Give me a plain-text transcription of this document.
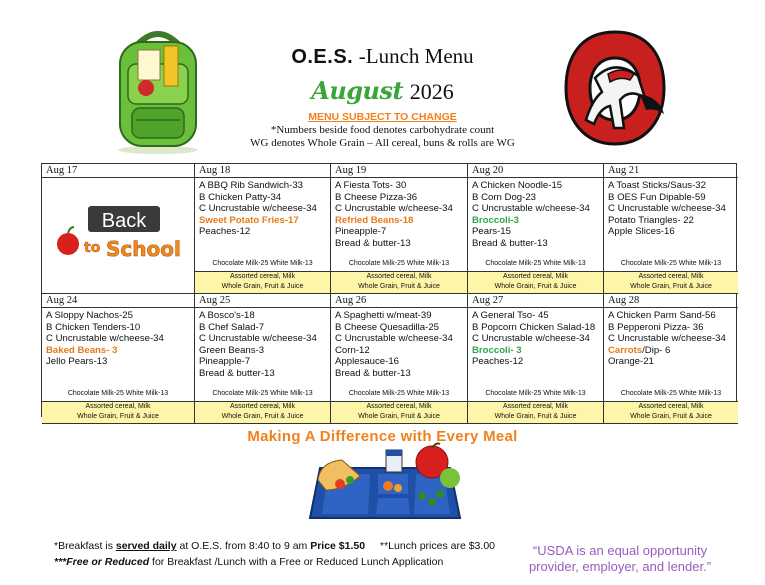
O.E.S. -Lunch Menu
August 2026
MENU SUBJECT TO CHANGE
*Numbers beside food denotes carbohydrate count
WG denotes Whole Grain – All cereal, buns & rolls are WG
Aug 17
Back
to School
Assorted cereal, Milk
Whole Grain, Fruit & Juice
Aug 18
A BBQ Rib Sandwich-33
B Chicken Patty-34
C Uncrustable w/cheese-34
Sweet Potato Fries-17
Peaches-12
Chocolate Milk-25 White Milk-13
Assorted cereal, Milk
Whole Grain, Fruit & Juice
Aug 19
A Fiesta Tots- 30
B Cheese Pizza-36
C Uncrustable w/cheese-34
Refried Beans-18
Pineapple-7
Bread & butter-13
Chocolate Milk-25 White Milk-13
Assorted cereal, Milk
Whole Grain, Fruit & Juice
Aug 20
A Chicken Noodle-15
B Corn Dog-23
C Uncrustable w/cheese-34
Broccoli-3
Pears-15
Bread & butter-13
Chocolate Milk-25 White Milk-13
Assorted cereal, Milk
Whole Grain, Fruit & Juice
Aug 21
A Toast Sticks/Saus-32
B OES Fun Dipable-59
C Uncrustable w/cheese-34
Potato Triangles- 22
Apple Slices-16
Chocolate Milk-25 White Milk-13
Assorted cereal, Milk
Whole Grain, Fruit & Juice
Aug 24
A Sloppy Nachos-25
B Chicken Tenders-10
C Uncrustable w/cheese-34
Baked Beans- 3
Jello Pears-13
Chocolate Milk-25 White Milk-13
Assorted cereal, Milk
Whole Grain, Fruit & Juice
Aug 25
A Bosco's-18
B Chef Salad-7
C Uncrustable w/cheese-34
Green Beans-3
Pineapple-7
Bread & butter-13
Chocolate Milk-25 White Milk-13
Assorted cereal, Milk
Whole Grain, Fruit & Juice
Aug 26
A Spaghetti w/meat-39
B Cheese Quesadilla-25
C Uncrustable w/cheese-34
Corn-12
Applesauce-16
Bread & butter-13
Chocolate Milk-25 White Milk-13
Assorted cereal, Milk
Whole Grain, Fruit & Juice
Aug 27
A General Tso- 45
B Popcorn Chicken Salad-18
C Uncrustable w/cheese-34
Broccoli- 3
Peaches-12
Chocolate Milk-25 White Milk-13
Assorted cereal, Milk
Whole Grain, Fruit & Juice
Aug 28
A Chicken Parm Sand-56
B Pepperoni Pizza- 36
C Uncrustable w/cheese-34
Carrots/Dip- 6
Orange-21
Chocolate Milk-25 White Milk-13
Making A Difference with Every Meal
*Breakfast is served daily at O.E.S. from 8:40 to 9 am Price $1.50 **Lunch prices are $3.00
***Free or Reduced for Breakfast /Lunch with a Free or Reduced Lunch Application
“USDA is an equal opportunity
provider, employer, and lender.”
